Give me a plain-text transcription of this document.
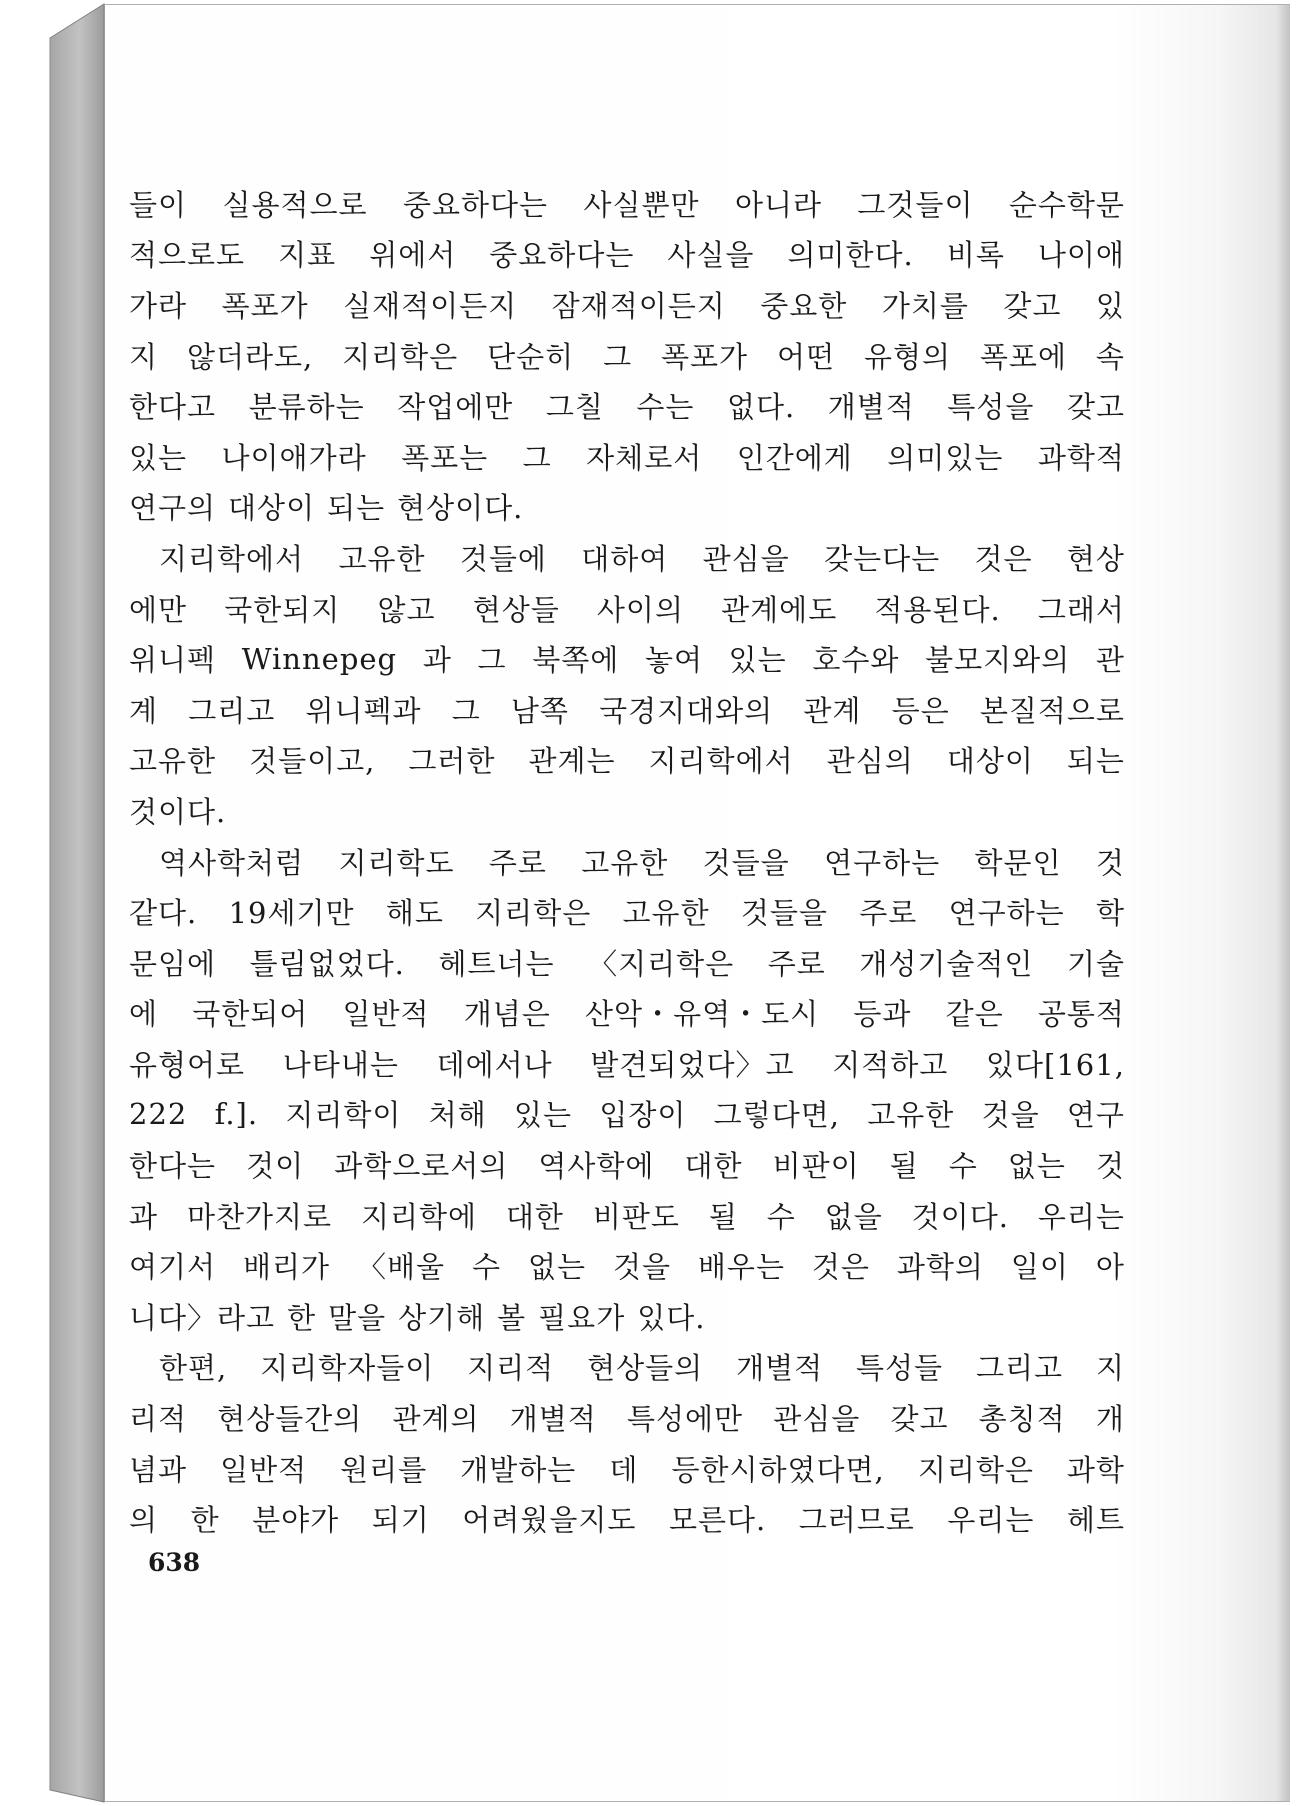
들이 실용적으로 중요하다는 사실뿐만 아니라 그것들이 순수학문
적으로도 지표 위에서 중요하다는 사실을 의미한다. 비록 나이애
가라 폭포가 실재적이든지 잠재적이든지 중요한 가치를 갖고 있
지 않더라도, 지리학은 단순히 그 폭포가 어떤 유형의 폭포에 속
한다고 분류하는 작업에만 그칠 수는 없다. 개별적 특성을 갖고
있는 나이애가라 폭포는 그 자체로서 인간에게 의미있는 과학적
연구의 대상이 되는 현상이다.
지리학에서 고유한 것들에 대하여 관심을 갖는다는 것은 현상
에만 국한되지 않고 현상들 사이의 관계에도 적용된다. 그래서
위니펙 Winnepeg 과 그 북쪽에 놓여 있는 호수와 불모지와의 관
계 그리고 위니펙과 그 남쪽 국경지대와의 관계 등은 본질적으로
고유한 것들이고, 그러한 관계는 지리학에서 관심의 대상이 되는
것이다.
역사학처럼 지리학도 주로 고유한 것들을 연구하는 학문인 것
같다. 19세기만 해도 지리학은 고유한 것들을 주로 연구하는 학
문임에 틀림없었다. 헤트너는 〈지리학은 주로 개성기술적인 기술
에 국한되어 일반적 개념은 산악・유역・도시 등과 같은 공통적
유형어로 나타내는 데에서나 발견되었다〉고 지적하고 있다[161,
222 f.]. 지리학이 처해 있는 입장이 그렇다면, 고유한 것을 연구
한다는 것이 과학으로서의 역사학에 대한 비판이 될 수 없는 것
과 마찬가지로 지리학에 대한 비판도 될 수 없을 것이다. 우리는
여기서 배리가 〈배울 수 없는 것을 배우는 것은 과학의 일이 아
니다〉라고 한 말을 상기해 볼 필요가 있다.
한편, 지리학자들이 지리적 현상들의 개별적 특성들 그리고 지
리적 현상들간의 관계의 개별적 특성에만 관심을 갖고 총칭적 개
념과 일반적 원리를 개발하는 데 등한시하였다면, 지리학은 과학
의 한 분야가 되기 어려웠을지도 모른다. 그러므로 우리는 헤트
638
